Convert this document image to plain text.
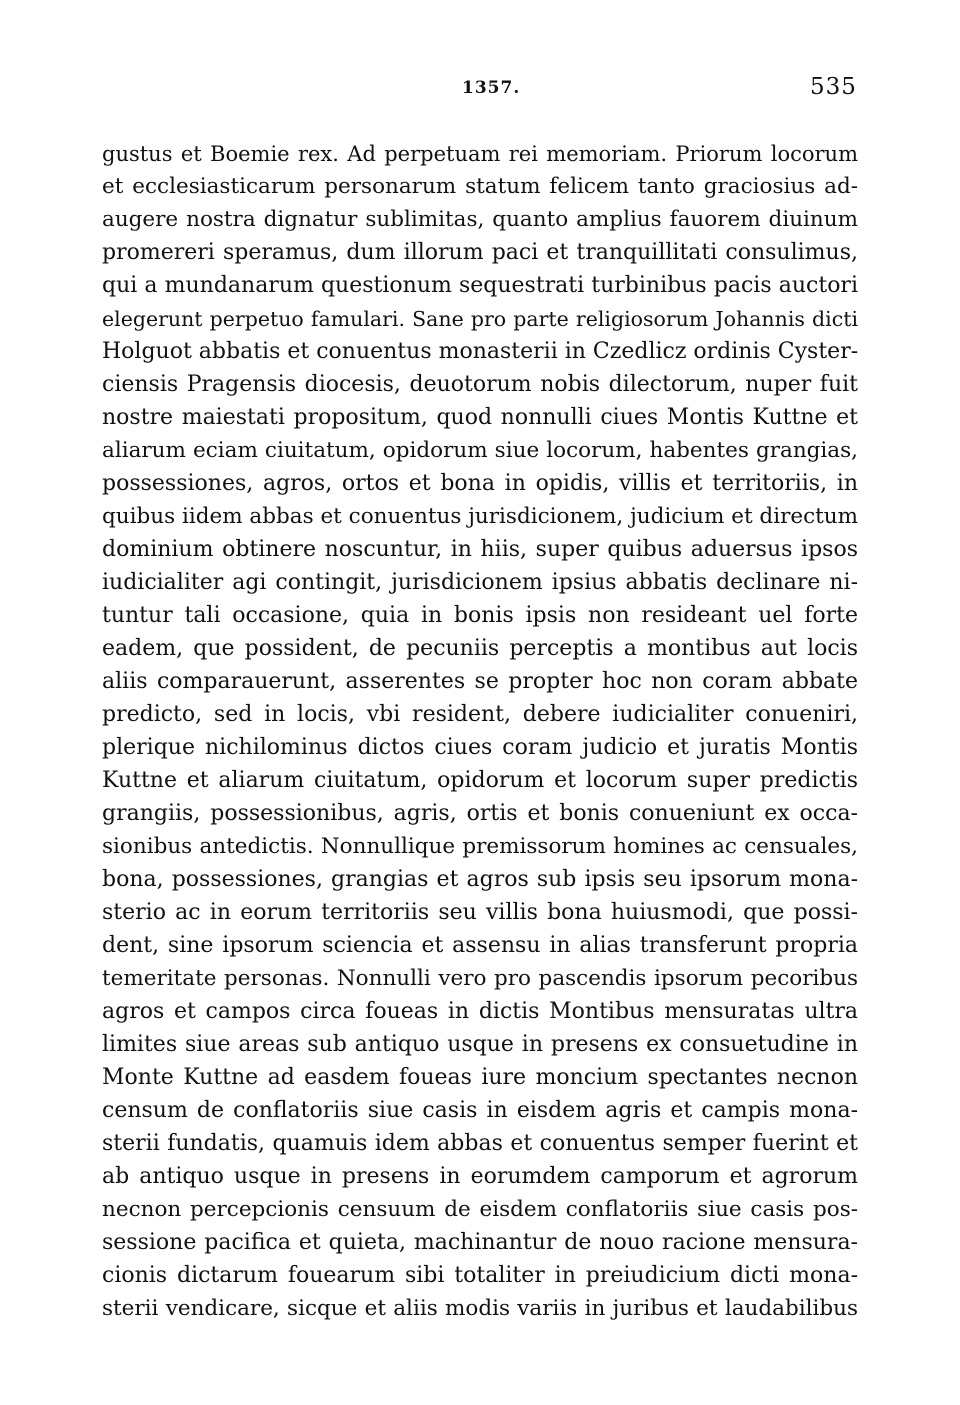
1357.	535
gustus et Boemie rex. Ad perpetuam rei memoriam. Priorum locorum
et ecclesiasticarum personarum statum felicem tanto graciosius ad-
augere nostra dignatur sublimitas, quanto amplius fauorem diuinum
promereri speramus, dum illorum paci et tranquillitati consulimus,
qui a mundanarum questionum sequestrati turbinibus pacis auctori
elegerunt perpetuo famulari. Sane pro parte religiosorum Johannis dicti
Holguot abbatis et conuentus monasterii in Czedlicz ordinis Cyster-
ciensis Pragensis diocesis, deuotorum nobis dilectorum, nuper fuit
nostre maiestati propositum, quod nonnulli ciues Montis Kuttne et
aliarum eciam ciuitatum, opidorum siue locorum, habentes grangias,
possessiones, agros, ortos et bona in opidis, villis et territoriis, in
quibus iidem abbas et conuentus jurisdicionem, judicium et directum
dominium obtinere noscuntur, in hiis, super quibus aduersus ipsos
iudicialiter agi contingit, jurisdicionem ipsius abbatis declinare ni-
tuntur tali occasione, quia in bonis ipsis non resideant uel forte
eadem, que possident, de pecuniis perceptis a montibus aut locis
aliis comparauerunt, asserentes se propter hoc non coram abbate
predicto, sed in locis, vbi resident, debere iudicialiter conueniri,
plerique nichilominus dictos ciues coram judicio et juratis Montis
Kuttne et aliarum ciuitatum, opidorum et locorum super predictis
grangiis, possessionibus, agris, ortis et bonis conueniunt ex occa-
sionibus antedictis. Nonnullique premissorum homines ac censuales,
bona, possessiones, grangias et agros sub ipsis seu ipsorum mona-
sterio ac in eorum territoriis seu villis bona huiusmodi, que possi-
dent, sine ipsorum sciencia et assensu in alias transferunt propria
temeritate personas. Nonnulli vero pro pascendis ipsorum pecoribus
agros et campos circa foueas in dictis Montibus mensuratas ultra
limites siue areas sub antiquo usque in presens ex consuetudine in
Monte Kuttne ad easdem foueas iure moncium spectantes necnon
censum de conflatoriis siue casis in eisdem agris et campis mona-
sterii fundatis, quamuis idem abbas et conuentus semper fuerint et
ab antiquo usque in presens in eorumdem camporum et agrorum
necnon percepcionis censuum de eisdem conflatoriis siue casis pos-
sessione pacifica et quieta, machinantur de nouo racione mensura-
cionis dictarum fouearum sibi totaliter in preiudicium dicti mona-
sterii vendicare, sicque et aliis modis variis in juribus et laudabilibus
